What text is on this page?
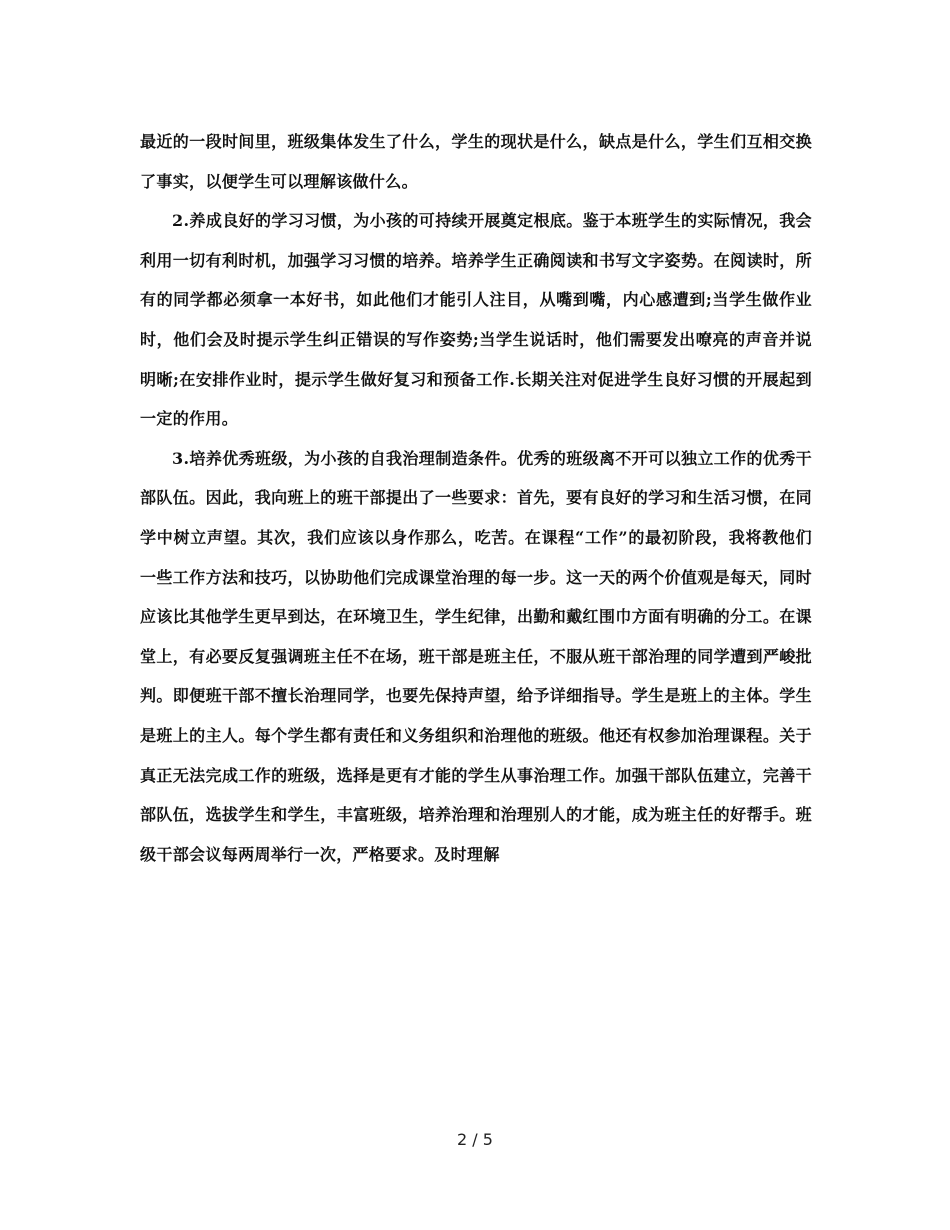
最近的一段时间里，班级集体发生了什么，学生的现状是什么，缺点是什么，学生们互相交换了事实，以便学生可以理解该做什么。

2.养成良好的学习习惯，为小孩的可持续开展奠定根底。鉴于本班学生的实际情况，我会利用一切有利时机，加强学习习惯的培养。培养学生正确阅读和书写文字姿势。在阅读时，所有的同学都必须拿一本好书，如此他们才能引人注目，从嘴到嘴，内心感遭到;当学生做作业时，他们会及时提示学生纠正错误的写作姿势;当学生说话时，他们需要发出嘹亮的声音并说明晰;在安排作业时，提示学生做好复习和预备工作.长期关注对促进学生良好习惯的开展起到一定的作用。

3.培养优秀班级，为小孩的自我治理制造条件。优秀的班级离不开可以独立工作的优秀干部队伍。因此，我向班上的班干部提出了一些要求：首先，要有良好的学习和生活习惯，在同学中树立声望。其次，我们应该以身作那么，吃苦。在课程“工作”的最初阶段，我将教他们一些工作方法和技巧，以协助他们完成课堂治理的每一步。这一天的两个价值观是每天，同时应该比其他学生更早到达，在环境卫生，学生纪律，出勤和戴红围巾方面有明确的分工。在课堂上，有必要反复强调班主任不在场，班干部是班主任，不服从班干部治理的同学遭到严峻批判。即便班干部不擅长治理同学，也要先保持声望，给予详细指导。学生是班上的主体。学生是班上的主人。每个学生都有责任和义务组织和治理他的班级。他还有权参加治理课程。关于真正无法完成工作的班级，选择是更有才能的学生从事治理工作。加强干部队伍建立，完善干部队伍，选拔学生和学生，丰富班级，培养治理和治理别人的才能，成为班主任的好帮手。班级干部会议每两周举行一次，严格要求。及时理解

2 / 5
